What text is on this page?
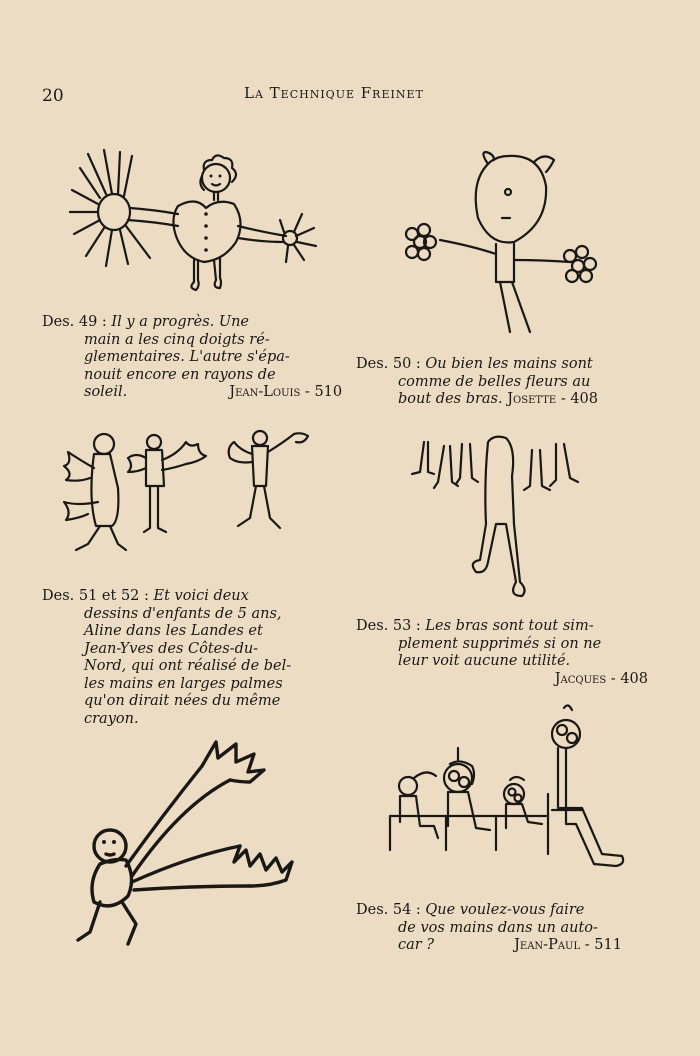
20	La Technique Freinet
Des. 49 : Il y a progrès. Une
main a les cinq doigts ré-
glementaires. L'autre s'épa-
nouit encore en rayons de
soleil.	Jean-Louis - 510
Des. 50 : Ou bien les mains sont
comme de belles fleurs au
bout des bras. Josette - 408
Des. 51 et 52 : Et voici deux
dessins d'enfants de 5 ans,
Aline dans les Landes et
Jean-Yves des Côtes-du-
Nord, qui ont réalisé de bel-
les mains en larges palmes
qu'on dirait nées du même
crayon.
Des. 53 : Les bras sont tout sim-
plement supprimés si on ne
leur voit aucune utilité.
Jacques - 408
Des. 54 : Que voulez-vous faire
de vos mains dans un auto-
car ?	Jean-Paul - 511
